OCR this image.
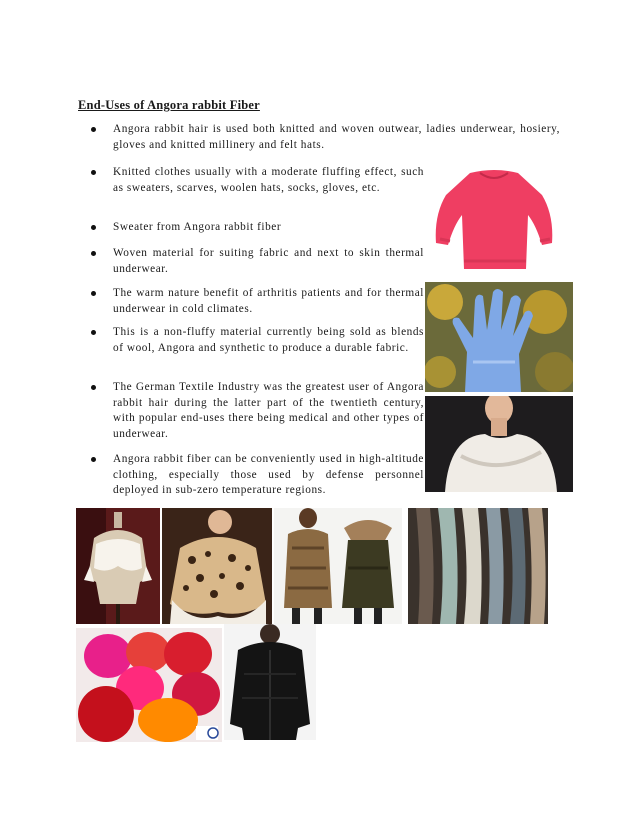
End-Uses of Angora rabbit Fiber
Angora rabbit hair is used both knitted and woven outwear, ladies underwear, hosiery, gloves and knitted millinery and felt hats.
Knitted clothes usually with a moderate fluffing effect, such as sweaters, scarves, woolen hats, socks, gloves, etc.
Sweater from Angora rabbit fiber
Woven material for suiting fabric and next to skin thermal underwear.
The warm nature benefit of arthritis patients and for thermal underwear in cold climates.
This is a non-fluffy material currently being sold as blends of wool, Angora and synthetic to produce a durable fabric.
The German Textile Industry was the greatest user of Angora rabbit hair during the latter part of the twentieth century, with popular end-uses there being medical and other types of underwear.
Angora rabbit fiber can be conveniently used in high-altitude clothing, especially those used by defense personnel deployed in sub-zero temperature regions.
